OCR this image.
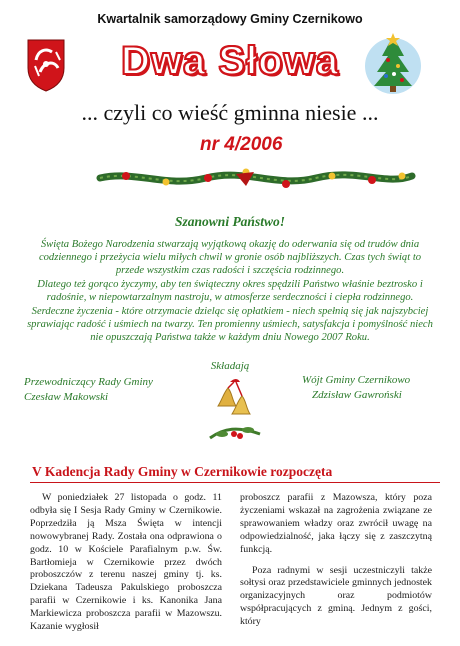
Kwartalnik samorządowy Gminy Czernikowo
Dwa Słowa
... czyli co wieść gminna niesie ...
nr 4/2006
Szanowni Państwo!

Święta Bożego Narodzenia stwarzają wyjątkową okazję do oderwania się od trudów dnia codziennego i przeżycia wielu miłych chwil w gronie osób najbliższych. Czas tych świąt to przede wszystkim czas radości i szczęścia rodzinnego.

Dlatego też gorąco życzymy, aby ten świąteczny okres spędzili Państwo właśnie beztrosko i radośnie, w niepowtarzalnym nastroju, w atmosferze serdeczności i ciepła rodzinnego.

Serdeczne życzenia - które otrzymacie dzieląc się opłatkiem - niech spełnią się jak najszybciej sprawiając radość i uśmiech na twarzy. Ten promienny uśmiech, satysfakcja i pomyślność niech nie opuszczają Państwa także w każdym dniu Nowego 2007 Roku.

Składają
Przewodniczący Rady Gminy
Czesław Makowski
Wójt Gminy Czernikowo
Zdzisław Gawroński
V Kadencja Rady Gminy w Czernikowie rozpoczęta

W poniedziałek 27 listopada o godz. 11 odbyła się I Sesja Rady Gminy w Czernikowie. Poprzedziła ją Msza Święta w intencji nowowybranej Rady. Została ona odprawiona o godz. 10 w Kościele Parafialnym p.w. Św. Bartłomieja w Czernikowie przez dwóch proboszczów z terenu naszej gminy tj. ks. Dziekana Tadeusza Pakulskiego proboszcza parafii w Czernikowie i ks. Kanonika Jana Markiewicza proboszcza parafii w Mazowszu. Kazanie wygłosił

proboszcz parafii z Mazowsza, który poza życzeniami wskazał na zagrożenia związane ze sprawowaniem władzy oraz zwrócił uwagę na odpowiedzialność, jaka łączy się z zaszczytną funkcją.

Poza radnymi w sesji uczestniczyli także sołtysi oraz przedstawiciele gminnych jednostek organizacyjnych oraz podmiotów współpracujących z gminą. Jednym z gości, który
